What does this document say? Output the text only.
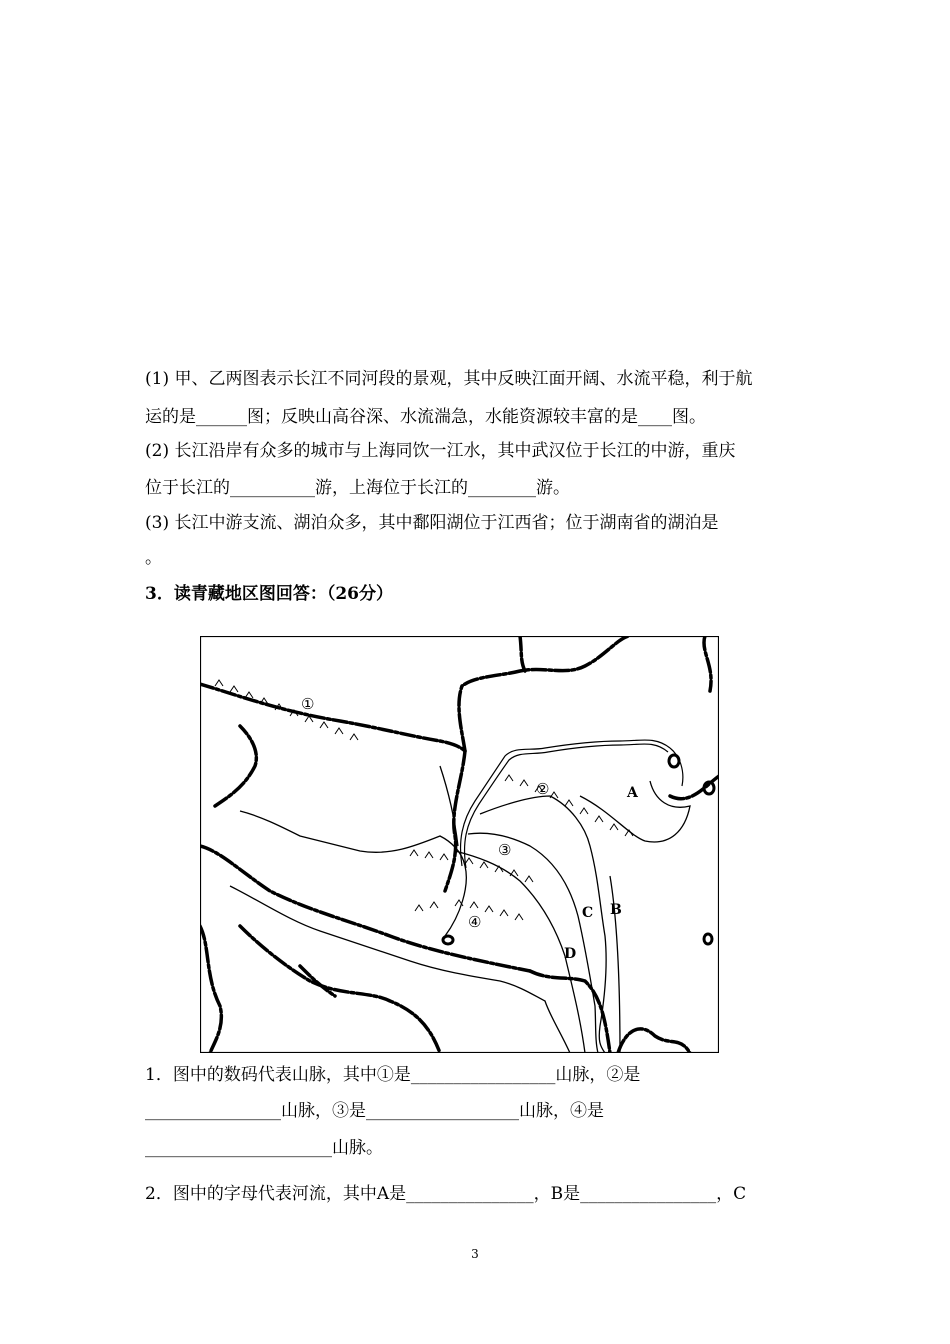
(1) 甲、乙两图表示长江不同河段的景观，其中反映江面开阔、水流平稳，利于航
运的是______图；反映山高谷深、水流湍急，水能资源较丰富的是____图。
(2) 长江沿岸有众多的城市与上海同饮一江水，其中武汉位于长江的中游，重庆
位于长江的__________游，上海位于长江的________游。
(3) 长江中游支流、湖泊众多，其中鄱阳湖位于江西省；位于湖南省的湖泊是
。
3．读青藏地区图回答：（26分）
①
②
③
④
A
B
C
D
1．图中的数码代表山脉，其中①是_________________山脉，②是
________________山脉，③是__________________山脉，④是
______________________山脉。
2．图中的字母代表河流，其中A是_______________，B是________________，C
3
